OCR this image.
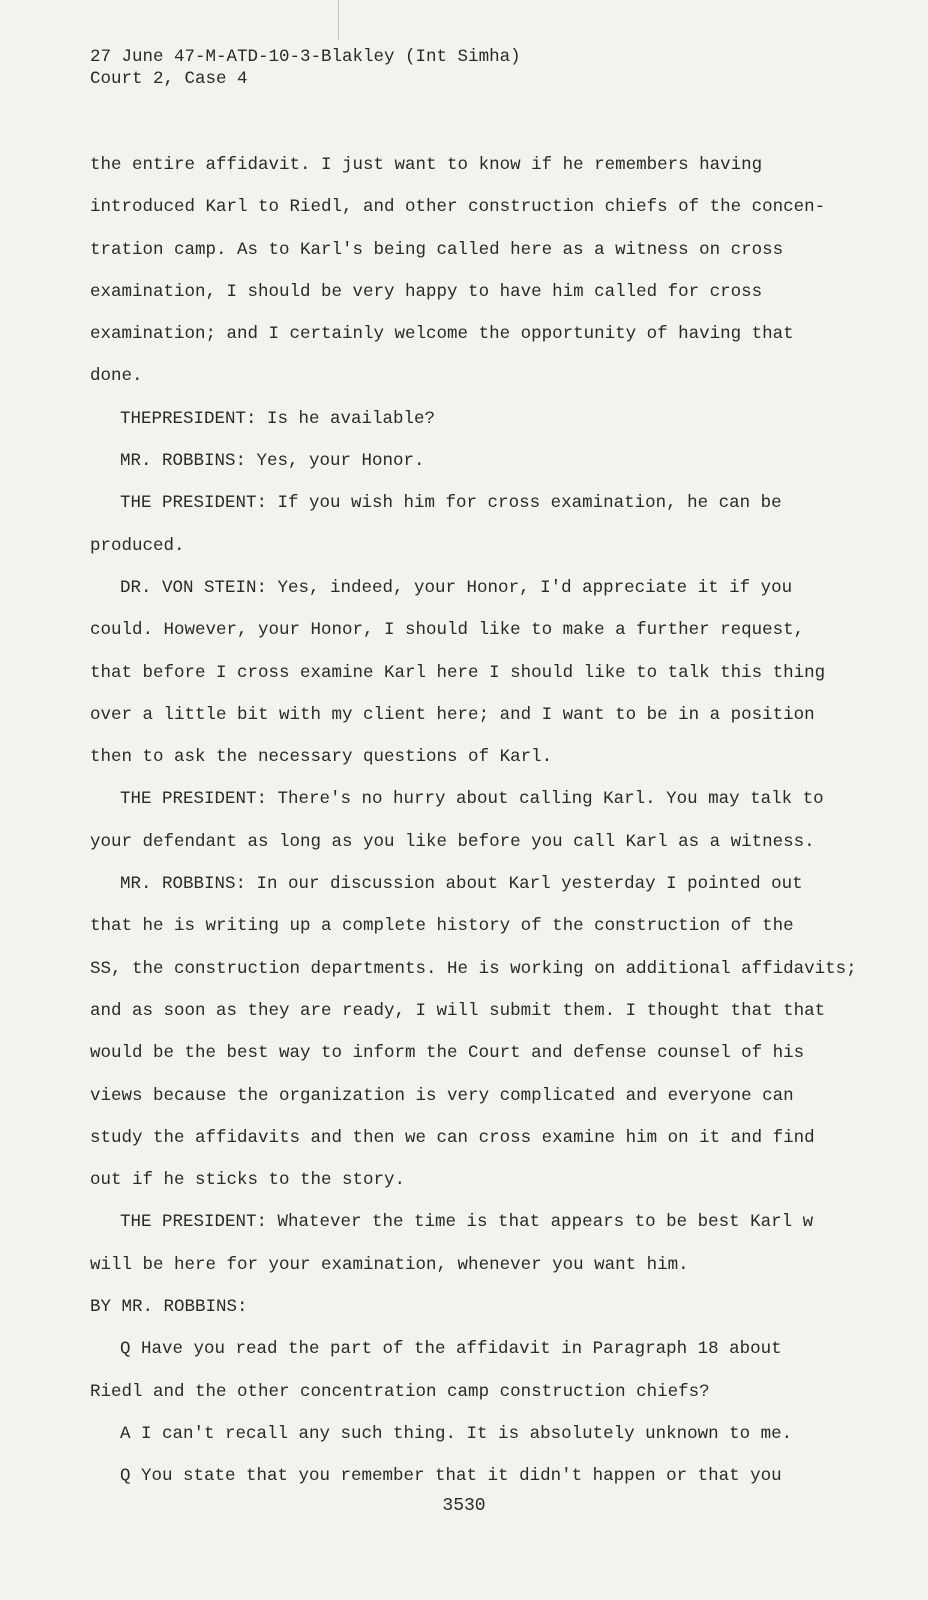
27 June 47-M-ATD-10-3-Blakley (Int Simha)
Court 2, Case 4
the entire affidavit. I just want to know if he remembers having
introduced Karl to Riedl, and other construction chiefs of the concen-
tration camp. As to Karl's being called here as a witness on cross
examination, I should be very happy to have him called for cross
examination; and I certainly welcome the opportunity of having that
done.
THEPRESIDENT: Is he available?
MR. ROBBINS: Yes, your Honor.
THE PRESIDENT: If you wish him for cross examination, he can be
produced.
DR. VON STEIN: Yes, indeed, your Honor, I'd appreciate it if you
could. However, your Honor, I should like to make a further request,
that before I cross examine Karl here I should like to talk this thing
over a little bit with my client here; and I want to be in a position
then to ask the necessary questions of Karl.
THE PRESIDENT: There's no hurry about calling Karl. You may talk to
your defendant as long as you like before you call Karl as a witness.
MR. ROBBINS: In our discussion about Karl yesterday I pointed out
that he is writing up a complete history of the construction of the
SS, the construction departments. He is working on additional affidavits;
and as soon as they are ready, I will submit them. I thought that that
would be the best way to inform the Court and defense counsel of his
views because the organization is very complicated and everyone can
study the affidavits and then we can cross examine him on it and find
out if he sticks to the story.
THE PRESIDENT: Whatever the time is that appears to be best Karl w
will be here for your examination, whenever you want him.
BY MR. ROBBINS:
Q Have you read the part of the affidavit in Paragraph 18 about
Riedl and the other concentration camp construction chiefs?
A I can't recall any such thing. It is absolutely unknown to me.
Q You state that you remember that it didn't happen or that you
3530
